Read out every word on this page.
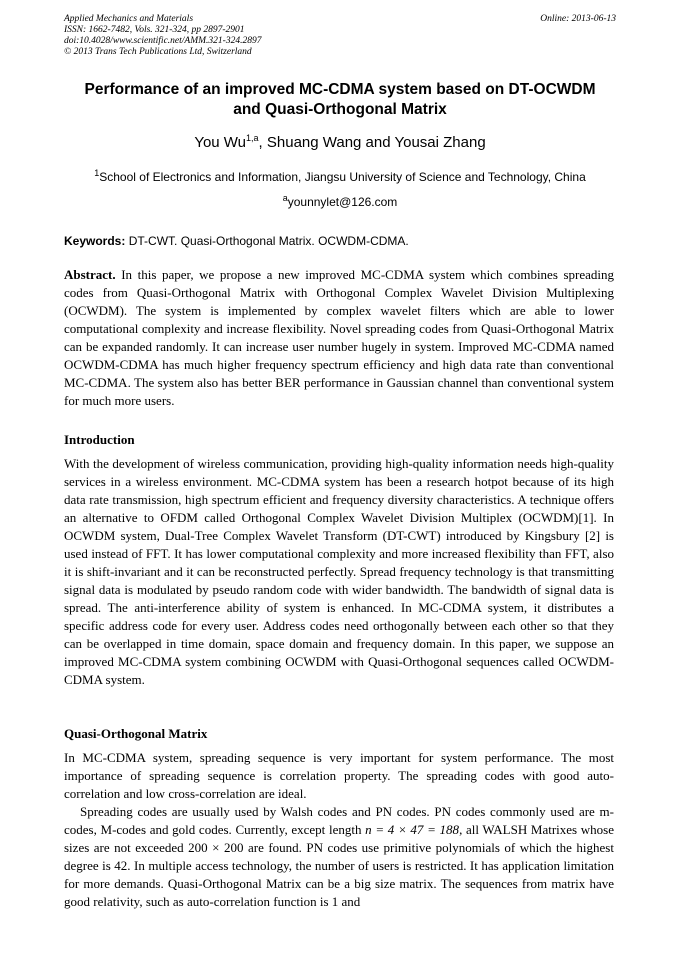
Applied Mechanics and Materials
ISSN: 1662-7482, Vols. 321-324, pp 2897-2901
doi:10.4028/www.scientific.net/AMM.321-324.2897
© 2013 Trans Tech Publications Ltd, Switzerland
Online: 2013-06-13
Performance of an improved MC-CDMA system based on DT-OCWDM
and Quasi-Orthogonal Matrix
You Wu$^{1,a}$, Shuang Wang and Yousai Zhang
$^1$School of Electronics and Information, Jiangsu University of Science and Technology, China
$^a$younnylet@126.com
Keywords: DT-CWT. Quasi-Orthogonal Matrix. OCWDM-CDMA.
Abstract. In this paper, we propose a new improved MC-CDMA system which combines spreading codes from Quasi-Orthogonal Matrix with Orthogonal Complex Wavelet Division Multiplexing (OCWDM). The system is implemented by complex wavelet filters which are able to lower computational complexity and increase flexibility. Novel spreading codes from Quasi-Orthogonal Matrix can be expanded randomly. It can increase user number hugely in system. Improved MC-CDMA named OCWDM-CDMA has much higher frequency spectrum efficiency and high data rate than conventional MC-CDMA. The system also has better BER performance in Gaussian channel than conventional system for much more users.
Introduction
With the development of wireless communication, providing high-quality information needs high-quality services in a wireless environment. MC-CDMA system has been a research hotpot because of its high data rate transmission, high spectrum efficient and frequency diversity characteristics. A technique offers an alternative to OFDM called Orthogonal Complex Wavelet Division Multiplex (OCWDM)[1]. In OCWDM system, Dual-Tree Complex Wavelet Transform (DT-CWT) introduced by Kingsbury [2] is used instead of FFT. It has lower computational complexity and more increased flexibility than FFT, also it is shift-invariant and it can be reconstructed perfectly. Spread frequency technology is that transmitting signal data is modulated by pseudo random code with wider bandwidth. The bandwidth of signal data is spread. The anti-interference ability of system is enhanced. In MC-CDMA system, it distributes a specific address code for every user. Address codes need orthogonally between each other so that they can be overlapped in time domain, space domain and frequency domain. In this paper, we suppose an improved MC-CDMA system combining OCWDM with Quasi-Orthogonal sequences called OCWDM-CDMA system.
Quasi-Orthogonal Matrix
In MC-CDMA system, spreading sequence is very important for system performance. The most importance of spreading sequence is correlation property. The spreading codes with good auto-correlation and low cross-correlation are ideal.
Spreading codes are usually used by Walsh codes and PN codes. PN codes commonly used are m-codes, M-codes and gold codes. Currently, except length n = 4 × 47 = 188, all WALSH Matrixes whose sizes are not exceeded 200 × 200 are found. PN codes use primitive polynomials of which the highest degree is 42. In multiple access technology, the number of users is restricted. It has application limitation for more demands. Quasi-Orthogonal Matrix can be a big size matrix. The sequences from matrix have good relativity, such as auto-correlation function is 1 and
